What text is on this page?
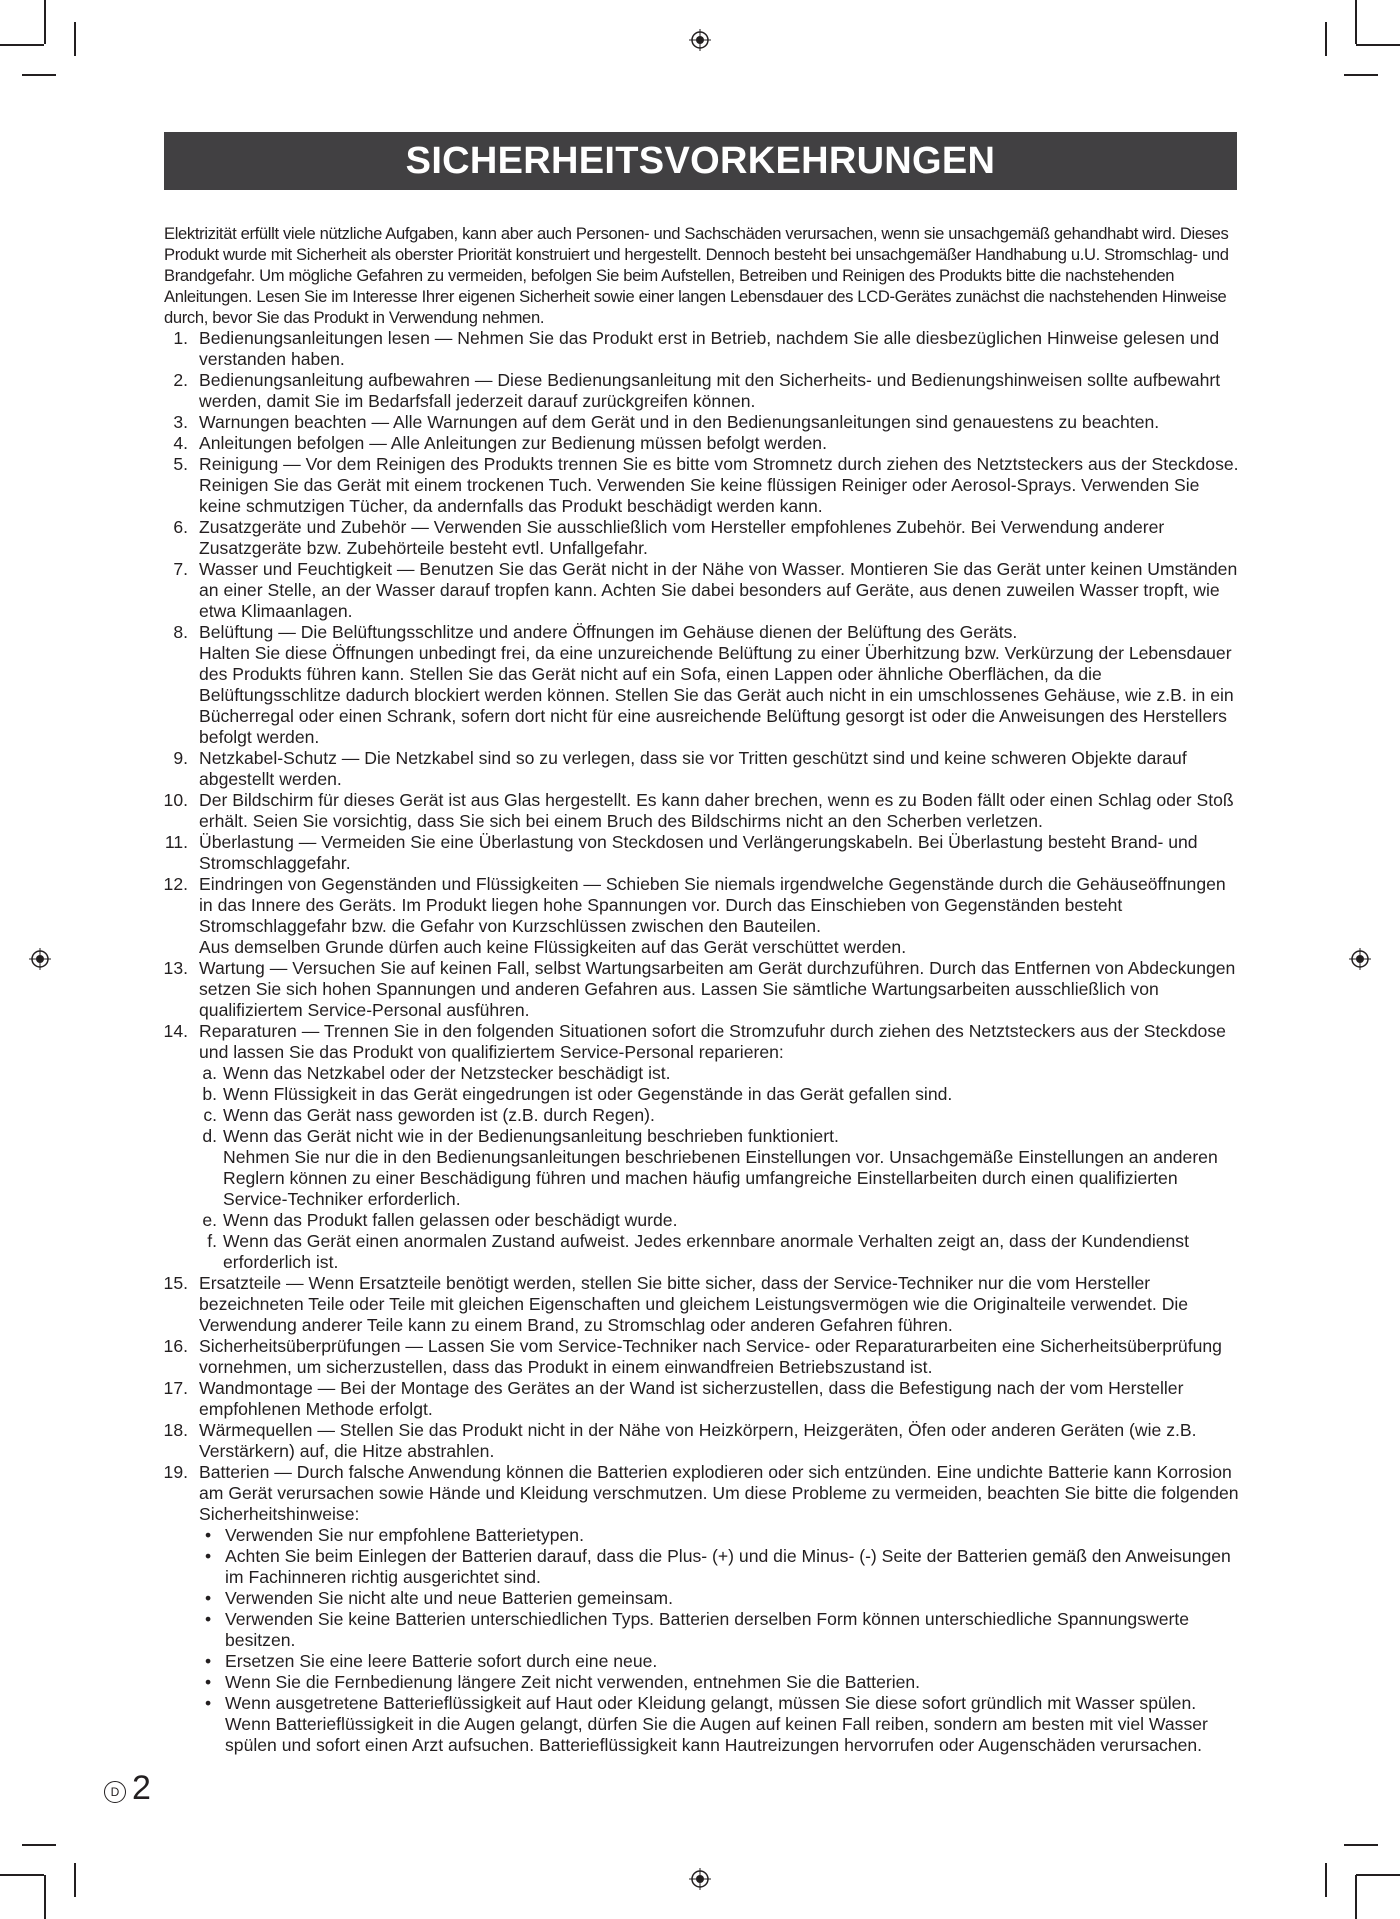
SICHERHEITSVORKEHRUNGEN
Elektrizität erfüllt viele nützliche Aufgaben, kann aber auch Personen- und Sachschäden verursachen, wenn sie unsachgemäß gehandhabt wird. Dieses Produkt wurde mit Sicherheit als oberster Priorität konstruiert und hergestellt. Dennoch besteht bei unsachgemäßer Handhabung u.U. Stromschlag- und Brandgefahr. Um mögliche Gefahren zu vermeiden, befolgen Sie beim Aufstellen, Betreiben und Reinigen des Produkts bitte die nachstehenden Anleitungen. Lesen Sie im Interesse Ihrer eigenen Sicherheit sowie einer langen Lebensdauer des LCD-Gerätes zunächst die nachstehenden Hinweise durch, bevor Sie das Produkt in Verwendung nehmen.
1. Bedienungsanleitungen lesen — Nehmen Sie das Produkt erst in Betrieb, nachdem Sie alle diesbezüglichen Hinweise gelesen und verstanden haben.
2. Bedienungsanleitung aufbewahren — Diese Bedienungsanleitung mit den Sicherheits- und Bedienungshinweisen sollte aufbewahrt werden, damit Sie im Bedarfsfall jederzeit darauf zurückgreifen können.
3. Warnungen beachten — Alle Warnungen auf dem Gerät und in den Bedienungsanleitungen sind genauestens zu beachten.
4. Anleitungen befolgen — Alle Anleitungen zur Bedienung müssen befolgt werden.
5. Reinigung — Vor dem Reinigen des Produkts trennen Sie es bitte vom Stromnetz durch ziehen des Netztsteckers aus der Steckdose. Reinigen Sie das Gerät mit einem trockenen Tuch. Verwenden Sie keine flüssigen Reiniger oder Aerosol-Sprays. Verwenden Sie keine schmutzigen Tücher, da andernfalls das Produkt beschädigt werden kann.
6. Zusatzgeräte und Zubehör — Verwenden Sie ausschließlich vom Hersteller empfohlenes Zubehör. Bei Verwendung anderer Zusatzgeräte bzw. Zubehörteile besteht evtl. Unfallgefahr.
7. Wasser und Feuchtigkeit — Benutzen Sie das Gerät nicht in der Nähe von Wasser. Montieren Sie das Gerät unter keinen Umständen an einer Stelle, an der Wasser darauf tropfen kann. Achten Sie dabei besonders auf Geräte, aus denen zuweilen Wasser tropft, wie etwa Klimaanlagen.
8. Belüftung — Die Belüftungsschlitze und andere Öffnungen im Gehäuse dienen der Belüftung des Geräts.
Halten Sie diese Öffnungen unbedingt frei, da eine unzureichende Belüftung zu einer Überhitzung bzw. Verkürzung der Lebensdauer des Produkts führen kann. Stellen Sie das Gerät nicht auf ein Sofa, einen Lappen oder ähnliche Oberflächen, da die Belüftungsschlitze dadurch blockiert werden können. Stellen Sie das Gerät auch nicht in ein umschlossenes Gehäuse, wie z.B. in ein Bücherregal oder einen Schrank, sofern dort nicht für eine ausreichende Belüftung gesorgt ist oder die Anweisungen des Herstellers befolgt werden.
9. Netzkabel-Schutz — Die Netzkabel sind so zu verlegen, dass sie vor Tritten geschützt sind und keine schweren Objekte darauf abgestellt werden.
10. Der Bildschirm für dieses Gerät ist aus Glas hergestellt. Es kann daher brechen, wenn es zu Boden fällt oder einen Schlag oder Stoß erhält. Seien Sie vorsichtig, dass Sie sich bei einem Bruch des Bildschirms nicht an den Scherben verletzen.
11. Überlastung — Vermeiden Sie eine Überlastung von Steckdosen und Verlängerungskabeln. Bei Überlastung besteht Brand- und Stromschlaggefahr.
12. Eindringen von Gegenständen und Flüssigkeiten — Schieben Sie niemals irgendwelche Gegenstände durch die Gehäuseöffnungen in das Innere des Geräts. Im Produkt liegen hohe Spannungen vor. Durch das Einschieben von Gegenständen besteht Stromschlaggefahr bzw. die Gefahr von Kurzschlüssen zwischen den Bauteilen.
Aus demselben Grunde dürfen auch keine Flüssigkeiten auf das Gerät verschüttet werden.
13. Wartung — Versuchen Sie auf keinen Fall, selbst Wartungsarbeiten am Gerät durchzuführen. Durch das Entfernen von Abdeckungen setzen Sie sich hohen Spannungen und anderen Gefahren aus. Lassen Sie sämtliche Wartungsarbeiten ausschließlich von qualifiziertem Service-Personal ausführen.
14. Reparaturen — Trennen Sie in den folgenden Situationen sofort die Stromzufuhr durch ziehen des Netztsteckers aus der Steckdose und lassen Sie das Produkt von qualifiziertem Service-Personal reparieren:
a. Wenn das Netzkabel oder der Netzstecker beschädigt ist.
b. Wenn Flüssigkeit in das Gerät eingedrungen ist oder Gegenstände in das Gerät gefallen sind.
c. Wenn das Gerät nass geworden ist (z.B. durch Regen).
d. Wenn das Gerät nicht wie in der Bedienungsanleitung beschrieben funktioniert.
Nehmen Sie nur die in den Bedienungsanleitungen beschriebenen Einstellungen vor. Unsachgemäße Einstellungen an anderen Reglern können zu einer Beschädigung führen und machen häufig umfangreiche Einstellarbeiten durch einen qualifizierten Service-Techniker erforderlich.
e. Wenn das Produkt fallen gelassen oder beschädigt wurde.
f. Wenn das Gerät einen anormalen Zustand aufweist. Jedes erkennbare anormale Verhalten zeigt an, dass der Kundendienst erforderlich ist.
15. Ersatzteile — Wenn Ersatzteile benötigt werden, stellen Sie bitte sicher, dass der Service-Techniker nur die vom Hersteller bezeichneten Teile oder Teile mit gleichen Eigenschaften und gleichem Leistungsvermögen wie die Originalteile verwendet. Die Verwendung anderer Teile kann zu einem Brand, zu Stromschlag oder anderen Gefahren führen.
16. Sicherheitsüberprüfungen — Lassen Sie vom Service-Techniker nach Service- oder Reparaturarbeiten eine Sicherheitsüberprüfung vornehmen, um sicherzustellen, dass das Produkt in einem einwandfreien Betriebszustand ist.
17. Wandmontage — Bei der Montage des Gerätes an der Wand ist sicherzustellen, dass die Befestigung nach der vom Hersteller empfohlenen Methode erfolgt.
18. Wärmequellen — Stellen Sie das Produkt nicht in der Nähe von Heizkörpern, Heizgeräten, Öfen oder anderen Geräten (wie z.B. Verstärkern) auf, die Hitze abstrahlen.
19. Batterien — Durch falsche Anwendung können die Batterien explodieren oder sich entzünden. Eine undichte Batterie kann Korrosion am Gerät verursachen sowie Hände und Kleidung verschmutzen. Um diese Probleme zu vermeiden, beachten Sie bitte die folgenden Sicherheitshinweise:
• Verwenden Sie nur empfohlene Batterietypen.
• Achten Sie beim Einlegen der Batterien darauf, dass die Plus- (+) und die Minus- (-) Seite der Batterien gemäß den Anweisungen im Fachinneren richtig ausgerichtet sind.
• Verwenden Sie nicht alte und neue Batterien gemeinsam.
• Verwenden Sie keine Batterien unterschiedlichen Typs. Batterien derselben Form können unterschiedliche Spannungswerte besitzen.
• Ersetzen Sie eine leere Batterie sofort durch eine neue.
• Wenn Sie die Fernbedienung längere Zeit nicht verwenden, entnehmen Sie die Batterien.
• Wenn ausgetretene Batterieflüssigkeit auf Haut oder Kleidung gelangt, müssen Sie diese sofort gründlich mit Wasser spülen. Wenn Batterieflüssigkeit in die Augen gelangt, dürfen Sie die Augen auf keinen Fall reiben, sondern am besten mit viel Wasser spülen und sofort einen Arzt aufsuchen. Batterieflüssigkeit kann Hautreizungen hervorrufen oder Augenschäden verursachen.
D 2
